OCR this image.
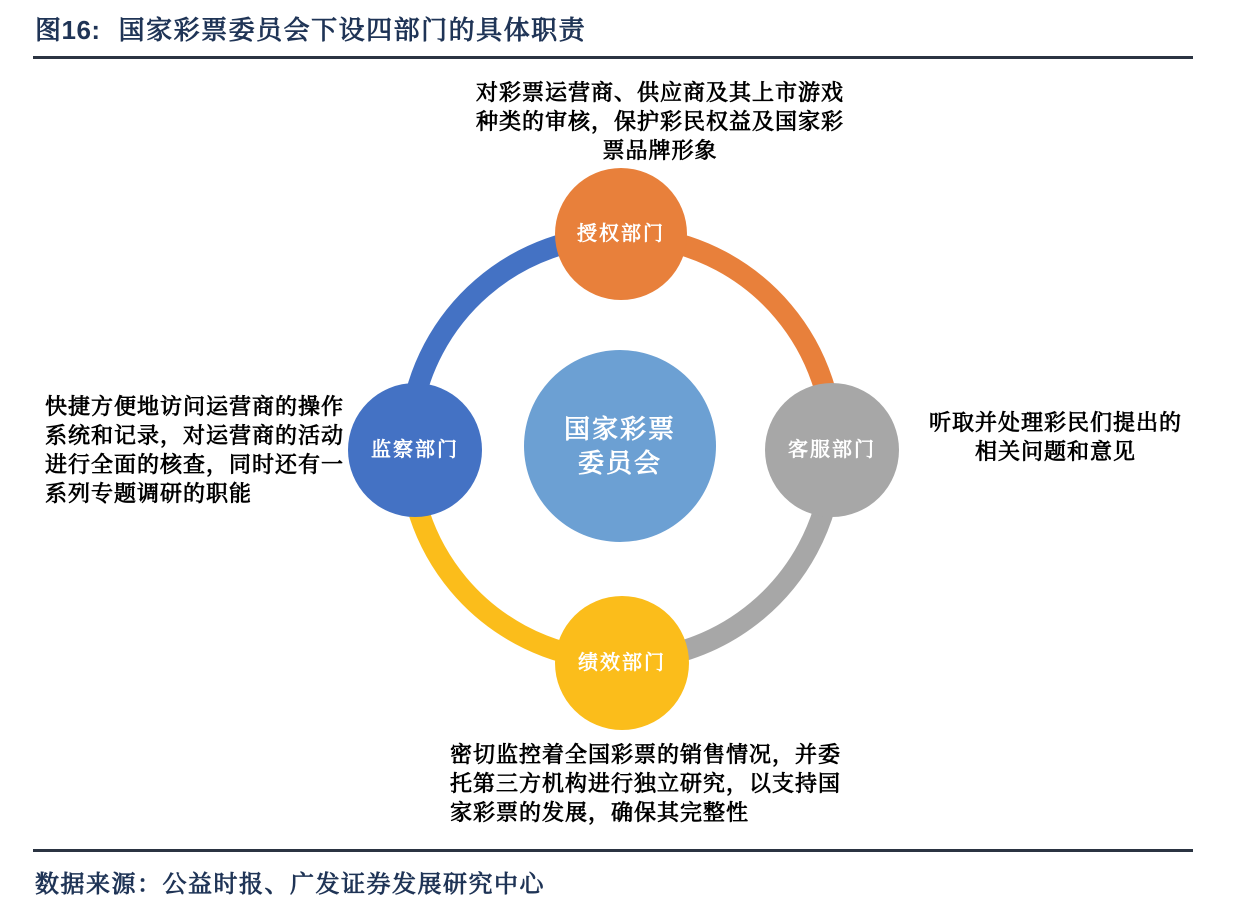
图16: 国家彩票委员会下设四部门的具体职责
国家彩票
委员会
授权部门
客服部门
绩效部门
监察部门
对彩票运营商、供应商及其上市游戏种类的审核，保护彩民权益及国家彩票品牌形象
听取并处理彩民们提出的相关问题和意见
密切监控着全国彩票的销售情况，并委托第三方机构进行独立研究，以支持国家彩票的发展，确保其完整性
快捷方便地访问运营商的操作系统和记录，对运营商的活动进行全面的核查，同时还有一系列专题调研的职能
数据来源：公益时报、广发证券发展研究中心
